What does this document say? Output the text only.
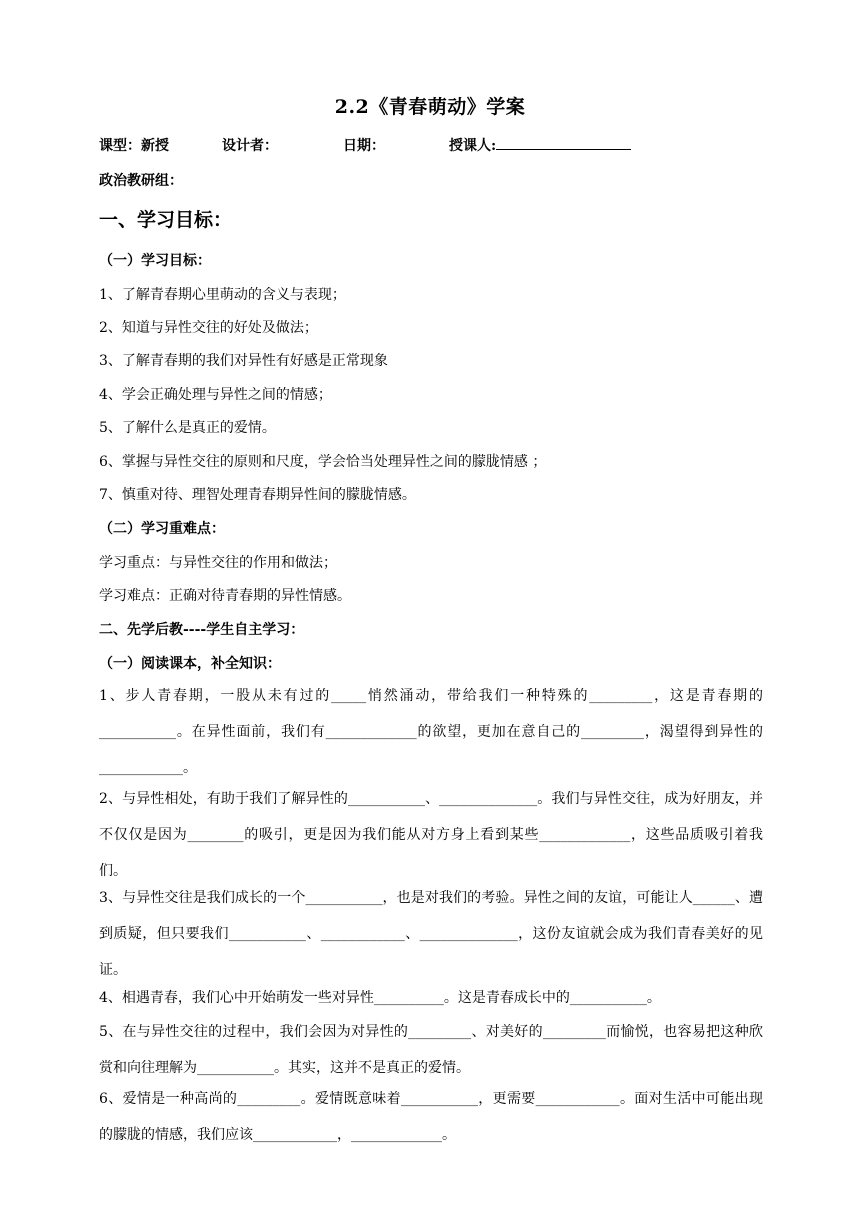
2.2《青春萌动》学案
课型：新授	设计者：	日期：	授课人:
政治教研组：
一、学习目标：
（一）学习目标：
1、了解青春期心里萌动的含义与表现；
2、知道与异性交往的好处及做法；
3、了解青春期的我们对异性有好感是正常现象
4、学会正确处理与异性之间的情感；
5、了解什么是真正的爱情。
6、掌握与异性交往的原则和尺度，学会恰当处理异性之间的朦胧情感 ；
7、慎重对待、理智处理青春期异性间的朦胧情感。
（二）学习重难点：
学习重点：与异性交往的作用和做法；
学习难点：正确对待青春期的异性情感。
二、先学后教----学生自主学习：
（一）阅读课本，补全知识：
1、步人青春期，一股从未有过的_____悄然涌动，带给我们一种特殊的_________，这是青春期的___________。在异性面前，我们有_____________的欲望，更加在意自己的_________，渴望得到异性的____________。
2、与异性相处，有助于我们了解异性的___________、______________。我们与异性交往，成为好朋友，并不仅仅是因为________的吸引，更是因为我们能从对方身上看到某些_____________，这些品质吸引着我们。
3、与异性交往是我们成长的一个___________，也是对我们的考验。异性之间的友谊，可能让人______、遭到质疑，但只要我们___________、____________、______________，这份友谊就会成为我们青春美好的见证。
4、相遇青春，我们心中开始萌发一些对异性__________。这是青春成长中的___________。
5、在与异性交往的过程中，我们会因为对异性的_________、对美好的_________而愉悦，也容易把这种欣赏和向往理解为___________。其实，这并不是真正的爱情。
6、爱情是一种高尚的_________。爱情既意味着___________，更需要____________。面对生活中可能出现的朦胧的情感，我们应该____________，_____________。
